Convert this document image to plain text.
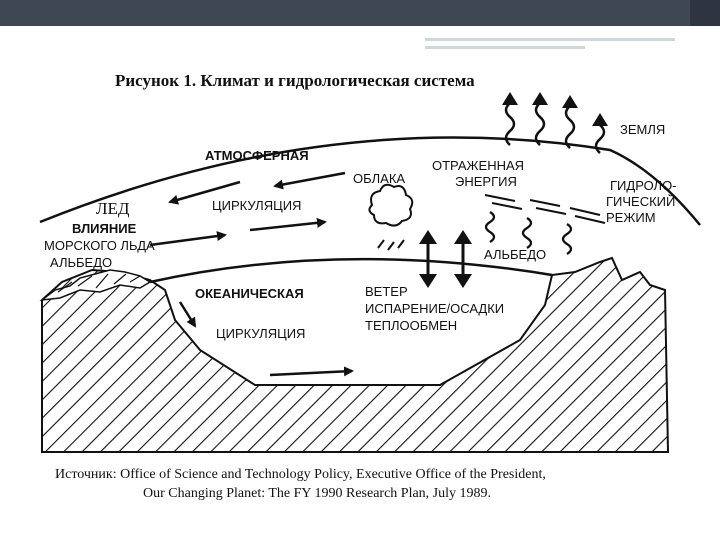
Рисунок 1. Климат и гидрологическая система
ЗЕМЛЯ
АТМОСФЕРНАЯ
ОБЛАКА
ОТРАЖЕННАЯ
ЭНЕРГИЯ	ГИДРОЛО-
ГИЧЕСКИЙ
РЕЖИМ
ЛЕД	ЦИРКУЛЯЦИЯ
ВЛИЯНИЕ
МОРСКОГО ЛЬДА
АЛЬБЕДО
АЛЬБЕДО
ОКЕАНИЧЕСКАЯ
ЦИРКУЛЯЦИЯ
ВЕТЕР
ИСПАРЕНИЕ/ОСАДКИ
ТЕПЛООБМЕН
Источник: Office of Science and Technology Policy, Executive Office of the President,
Our Changing Planet: The FY 1990 Research Plan, July 1989.
